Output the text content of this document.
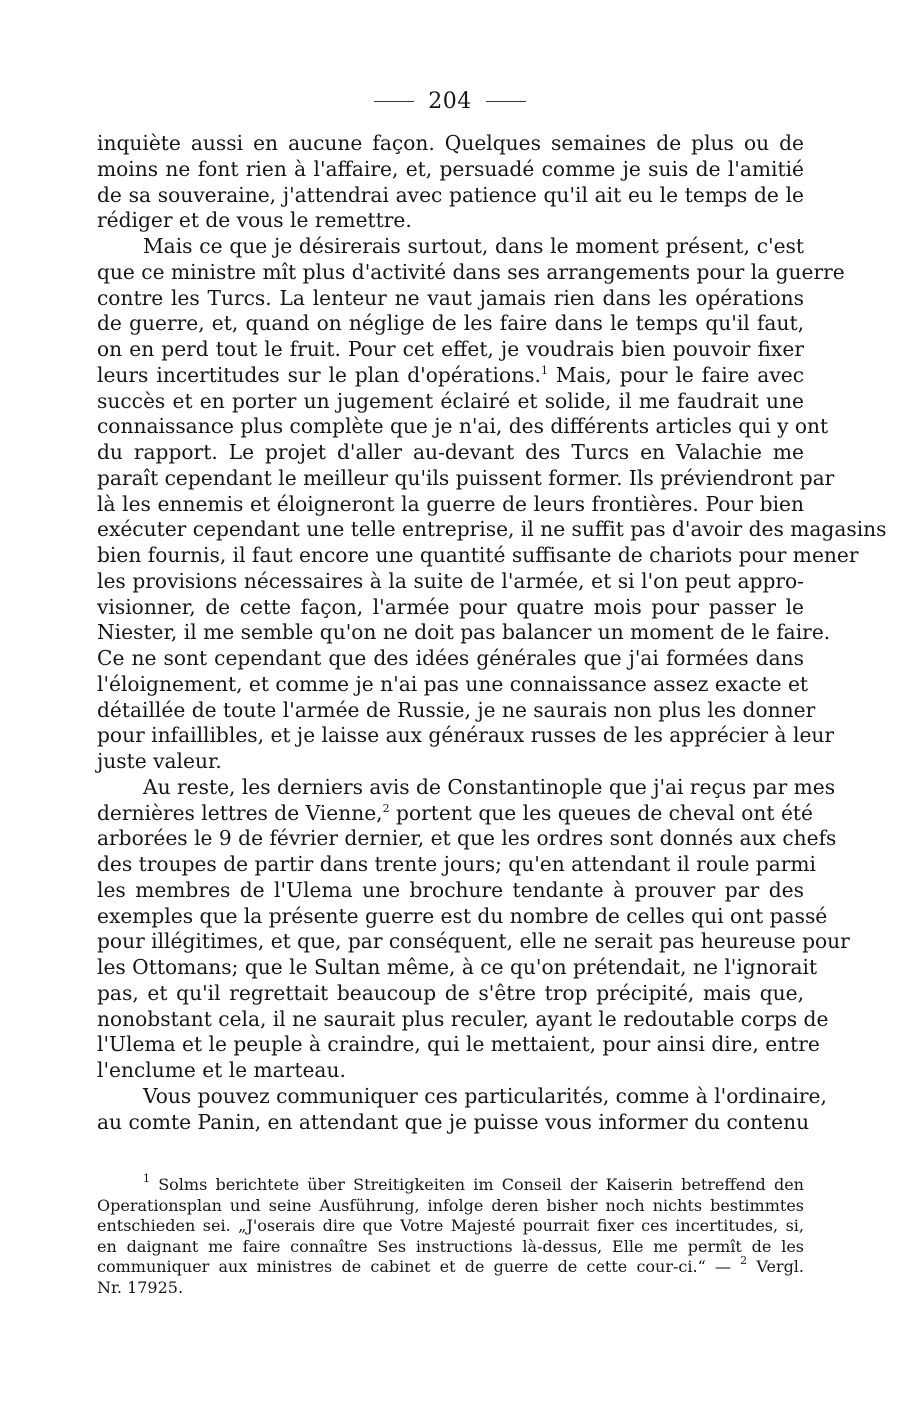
204
inquiète aussi en aucune façon. Quelques semaines de plus ou de
moins ne font rien à l'affaire, et, persuadé comme je suis de l'amitié
de sa souveraine, j'attendrai avec patience qu'il ait eu le temps de le
rédiger et de vous le remettre.
Mais ce que je désirerais surtout, dans le moment présent, c'est
que ce ministre mît plus d'activité dans ses arrangements pour la guerre
contre les Turcs. La lenteur ne vaut jamais rien dans les opérations
de guerre, et, quand on néglige de les faire dans le temps qu'il faut,
on en perd tout le fruit. Pour cet effet, je voudrais bien pouvoir fixer
leurs incertitudes sur le plan d'opérations.$^1$ Mais, pour le faire avec
succès et en porter un jugement éclairé et solide, il me faudrait une
connaissance plus complète que je n'ai, des différents articles qui y ont
du rapport. Le projet d'aller au-devant des Turcs en Valachie me
paraît cependant le meilleur qu'ils puissent former. Ils préviendront par
là les ennemis et éloigneront la guerre de leurs frontières. Pour bien
exécuter cependant une telle entreprise, il ne suffit pas d'avoir des magasins
bien fournis, il faut encore une quantité suffisante de chariots pour mener
les provisions nécessaires à la suite de l'armée, et si l'on peut appro-
visionner, de cette façon, l'armée pour quatre mois pour passer le
Niester, il me semble qu'on ne doit pas balancer un moment de le faire.
Ce ne sont cependant que des idées générales que j'ai formées dans
l'éloignement, et comme je n'ai pas une connaissance assez exacte et
détaillée de toute l'armée de Russie, je ne saurais non plus les donner
pour infaillibles, et je laisse aux généraux russes de les apprécier à leur
juste valeur.
Au reste, les derniers avis de Constantinople que j'ai reçus par mes
dernières lettres de Vienne,$^2$ portent que les queues de cheval ont été
arborées le 9 de février dernier, et que les ordres sont donnés aux chefs
des troupes de partir dans trente jours; qu'en attendant il roule parmi
les membres de l'Ulema une brochure tendante à prouver par des
exemples que la présente guerre est du nombre de celles qui ont passé
pour illégitimes, et que, par conséquent, elle ne serait pas heureuse pour
les Ottomans; que le Sultan même, à ce qu'on prétendait, ne l'ignorait
pas, et qu'il regrettait beaucoup de s'être trop précipité, mais que,
nonobstant cela, il ne saurait plus reculer, ayant le redoutable corps de
l'Ulema et le peuple à craindre, qui le mettaient, pour ainsi dire, entre
l'enclume et le marteau.
Vous pouvez communiquer ces particularités, comme à l'ordinaire,
au comte Panin, en attendant que je puisse vous informer du contenu
$^1$ Solms berichtete über Streitigkeiten im Conseil der Kaiserin betreffend den
Operationsplan und seine Ausführung, infolge deren bisher noch nichts bestimmtes
entschieden sei. „J'oserais dire que Votre Majesté pourrait fixer ces incertitudes, si,
en daignant me faire connaître Ses instructions là-dessus, Elle me permît de les
communiquer aux ministres de cabinet et de guerre de cette cour-ci.“ — $^2$ Vergl.
Nr. 17925.
